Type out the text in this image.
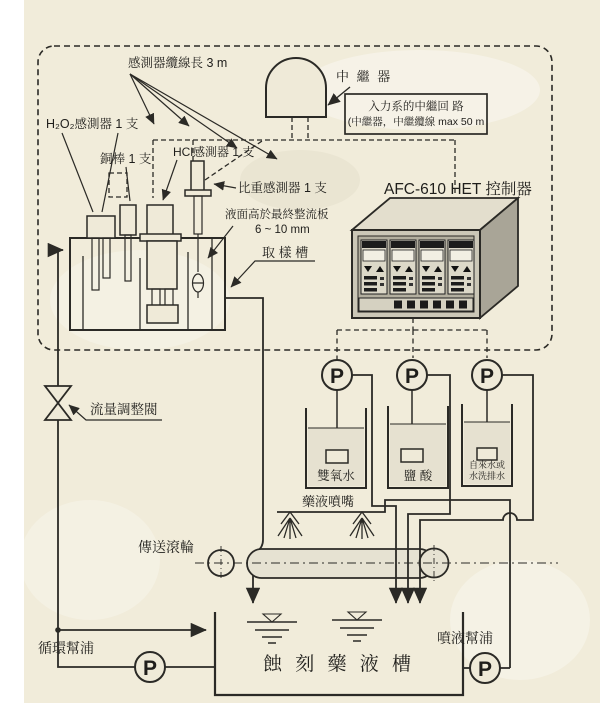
中 繼 器
入力系的中繼回 路
(中繼器，中繼纜線 max 50 m
感測器纜線長 3 m
H₂O₂感測器 1 支
銅棒 1 支 HCl感測器 1 支
比重感測器 1 支
液面高於最終整流板
6 ~ 10 mm
取 樣 槽
AFC-610 HET 控制器
H₂O₂	HCl	CuCl₂	TEMP
流量調整閥
P	P	P
雙氧水	鹽 酸
自來水或
水洗排水
藥液噴嘴
傳送滾輪
蝕 刻 藥 液 槽
循環幫浦
P
噴液幫浦
P
